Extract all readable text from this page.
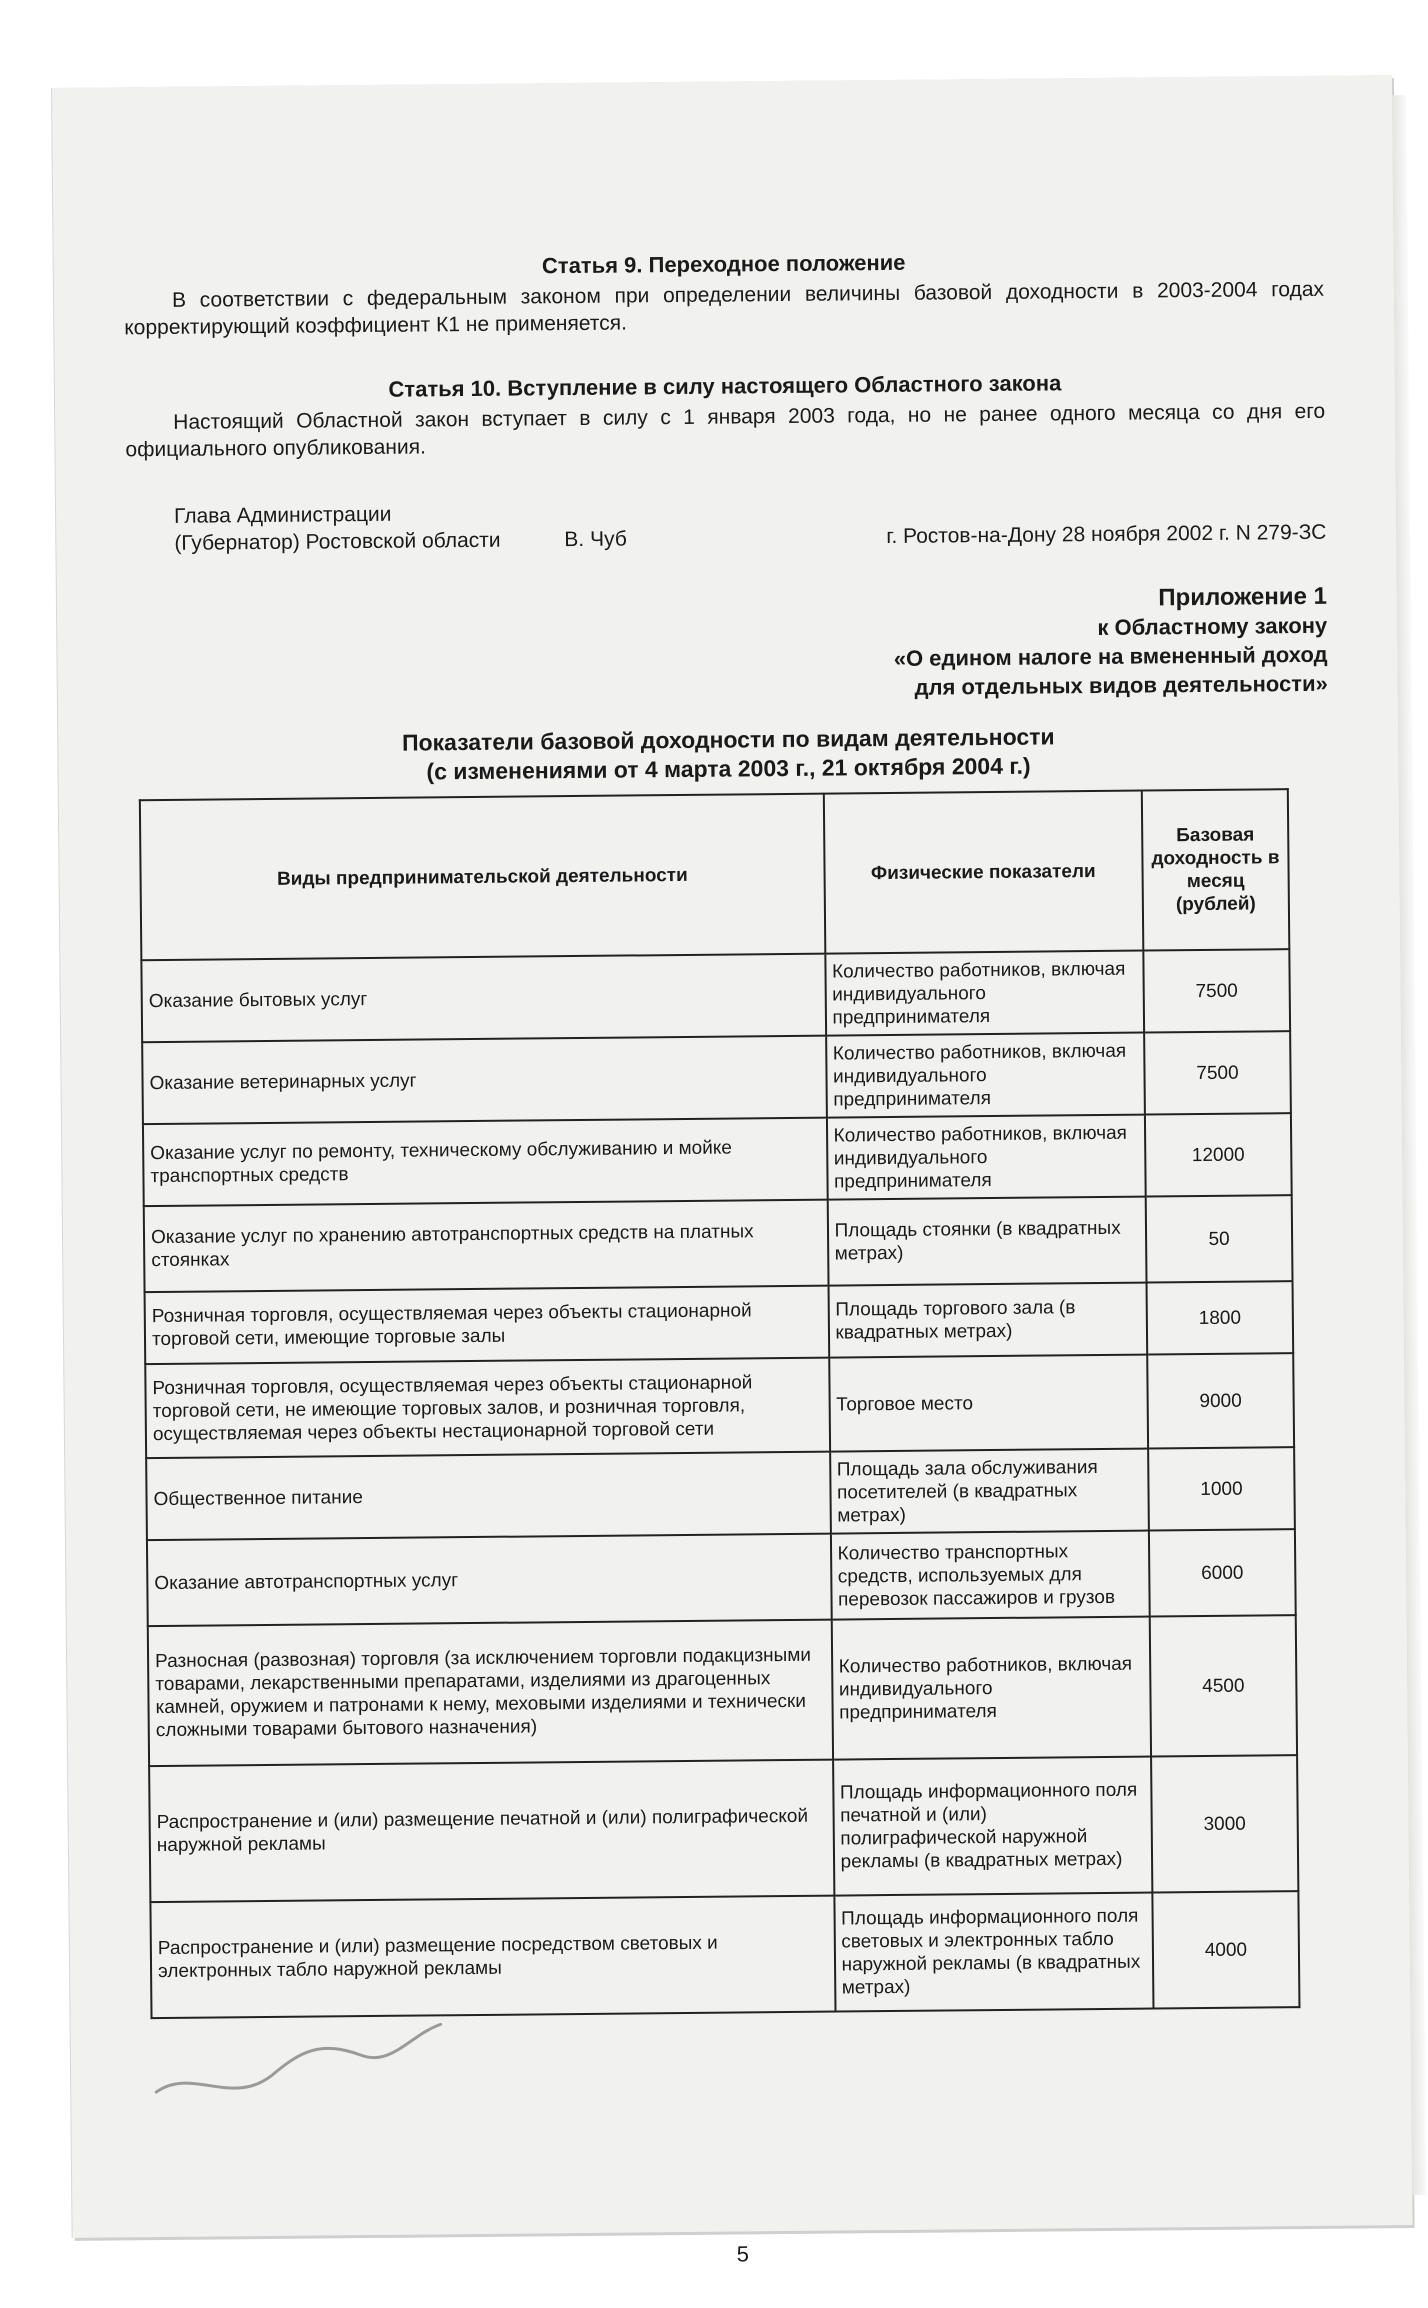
Статья 9. Переходное положение

В соответствии с федеральным законом при определении величины базовой доходности в 2003-2004 годах корректирующий коэффициент К1 не применяется.

Статья 10. Вступление в силу настоящего Областного закона

Настоящий Областной закон вступает в силу с 1 января 2003 года, но не ранее одного месяца со дня его официального опубликования.

Глава Администрации
(Губернатор) Ростовской области	В. Чуб	г. Ростов-на-Дону 28 ноября 2002 г. N 279-ЗС
Приложение 1
к Областному закону
«О едином налоге на вмененный доход
для отдельных видов деятельности»
Показатели базовой доходности по видам деятельности
(с изменениями от 4 марта 2003 г., 21 октября 2004 г.)
Виды предпринимательской деятельности	Физические показатели	Базовая доходность в месяц (рублей)
Оказание бытовых услуг	Количество работников, включая индивидуального предпринимателя	7500
Оказание ветеринарных услуг	Количество работников, включая индивидуального предпринимателя	7500
Оказание услуг по ремонту, техническому обслуживанию и мойке транспортных средств	Количество работников, включая индивидуального предпринимателя	12000
Оказание услуг по хранению автотранспортных средств на платных стоянках	Площадь стоянки (в квадратных метрах)	50
Розничная торговля, осуществляемая через объекты стационарной торговой сети, имеющие торговые залы	Площадь торгового зала (в квадратных метрах)	1800
Розничная торговля, осуществляемая через объекты стационарной торговой сети, не имеющие торговых залов, и розничная торговля, осуществляемая через объекты нестационарной торговой сети	Торговое место	9000
Общественное питание	Площадь зала обслуживания посетителей (в квадратных метрах)	1000
Оказание автотранспортных услуг	Количество транспортных средств, используемых для перевозок пассажиров и грузов	6000
Разносная (развозная) торговля (за исключением торговли подакцизными товарами, лекарственными препаратами, изделиями из драгоценных камней, оружием и патронами к нему, меховыми изделиями и технически сложными товарами бытового назначения)	Количество работников, включая индивидуального предпринимателя	4500
Распространение и (или) размещение печатной и (или) полиграфической наружной рекламы	Площадь информационного поля печатной и (или) полиграфической наружной рекламы (в квадратных метрах)	3000
Распространение и (или) размещение посредством световых и электронных табло наружной рекламы	Площадь информационного поля световых и электронных табло наружной рекламы (в квадратных метрах)	4000
5
